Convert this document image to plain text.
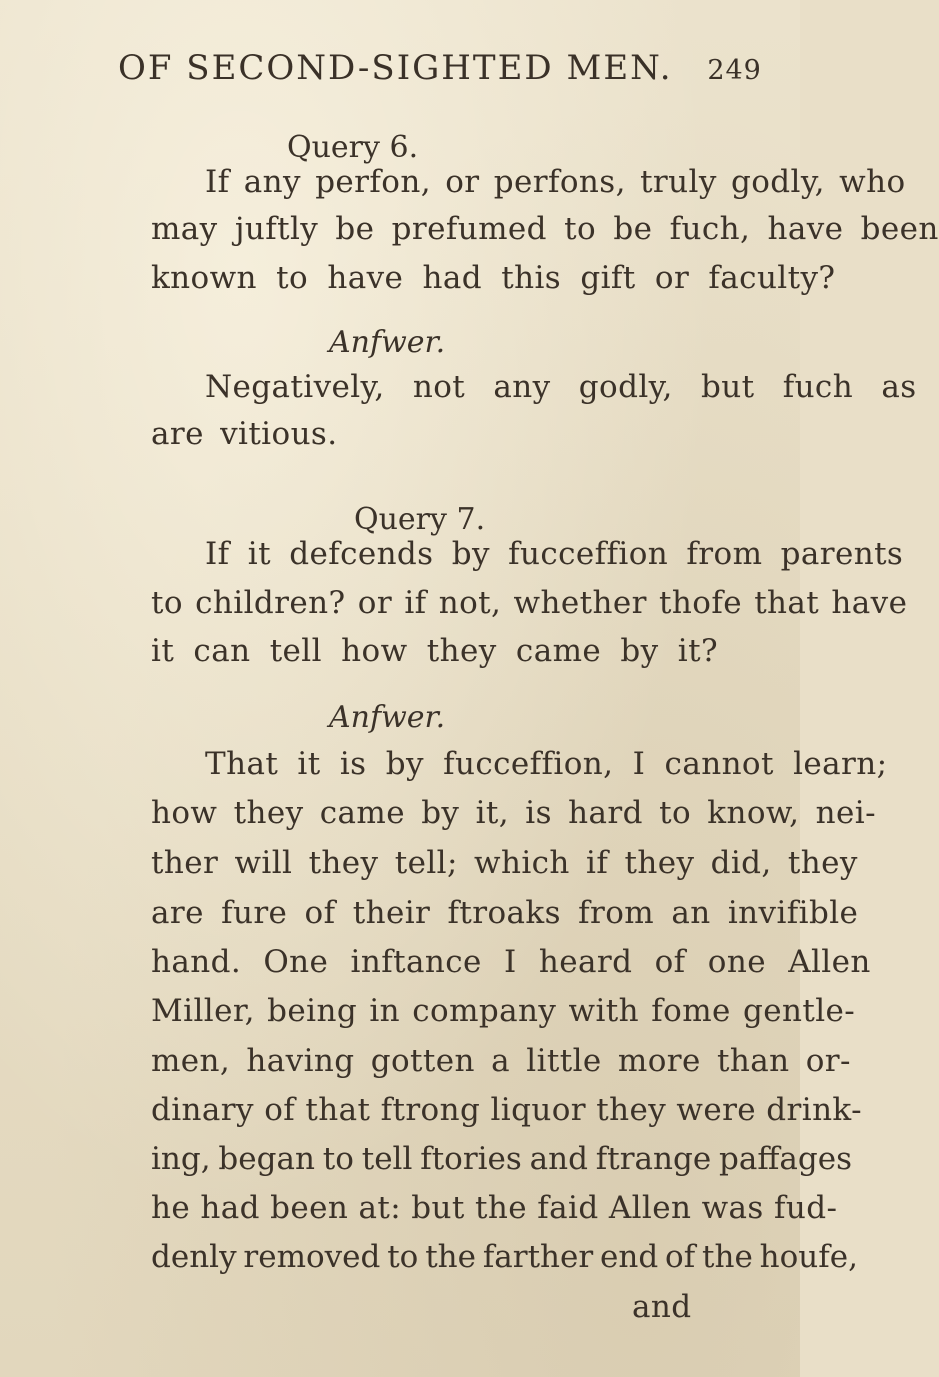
OF SECOND-SIGHTED MEN. 249
Query 6.
If any perfon, or perfons, truly godly, who
may juftly be prefumed to be fuch, have been
known to have had this gift or faculty?
Anfwer.
Negatively, not any godly, but fuch as
are vitious.
Query 7.
If it defcends by fucceffion from parents
to children? or if not, whether thofe that have
it can tell how they came by it?
Anfwer.
That it is by fucceffion, I cannot learn;
how they came by it, is hard to know, nei-
ther will they tell; which if they did, they
are fure of their ftroaks from an invifible
hand. One inftance I heard of one Allen
Miller, being in company with fome gentle-
men, having gotten a little more than or-
dinary of that ftrong liquor they were drink-
ing, began to tell ftories and ftrange paffages
he had been at: but the faid Allen was fud-
denly removed to the farther end of the houfe,
and
